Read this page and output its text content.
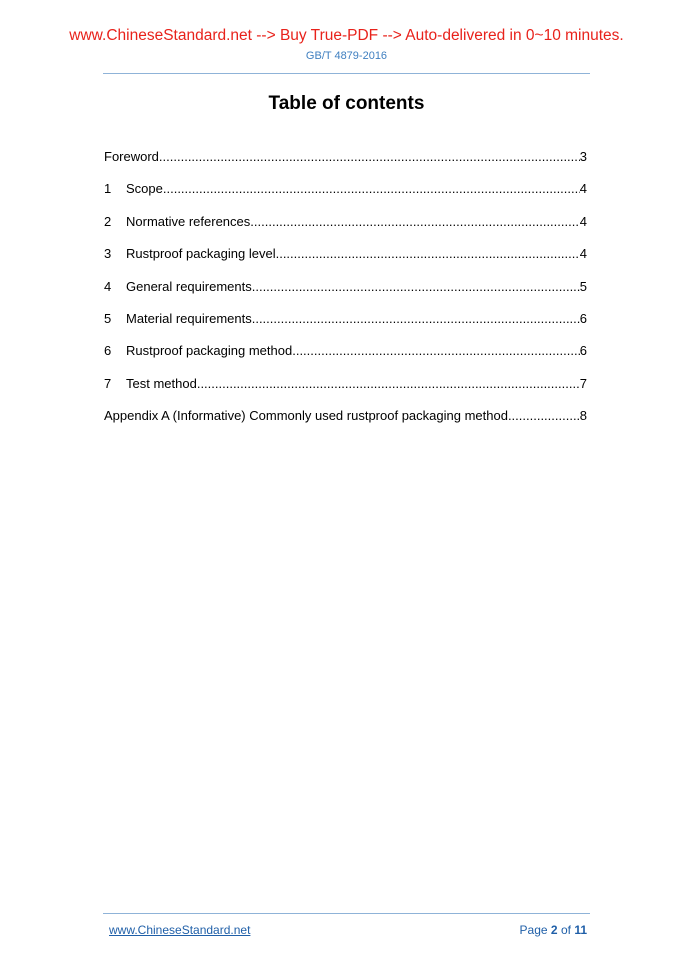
www.ChineseStandard.net --> Buy True-PDF --> Auto-delivered in 0~10 minutes.
GB/T 4879-2016
Table of contents
Foreword .....	3
1	Scope .....	4
2	Normative references .....	4
3	Rustproof packaging level .....	4
4	General requirements .....	5
5	Material requirements .....	6
6	Rustproof packaging method .....	6
7	Test method .....	7
Appendix A (Informative) Commonly used rustproof packaging method .....	8
www.ChineseStandard.net	Page 2 of 11
